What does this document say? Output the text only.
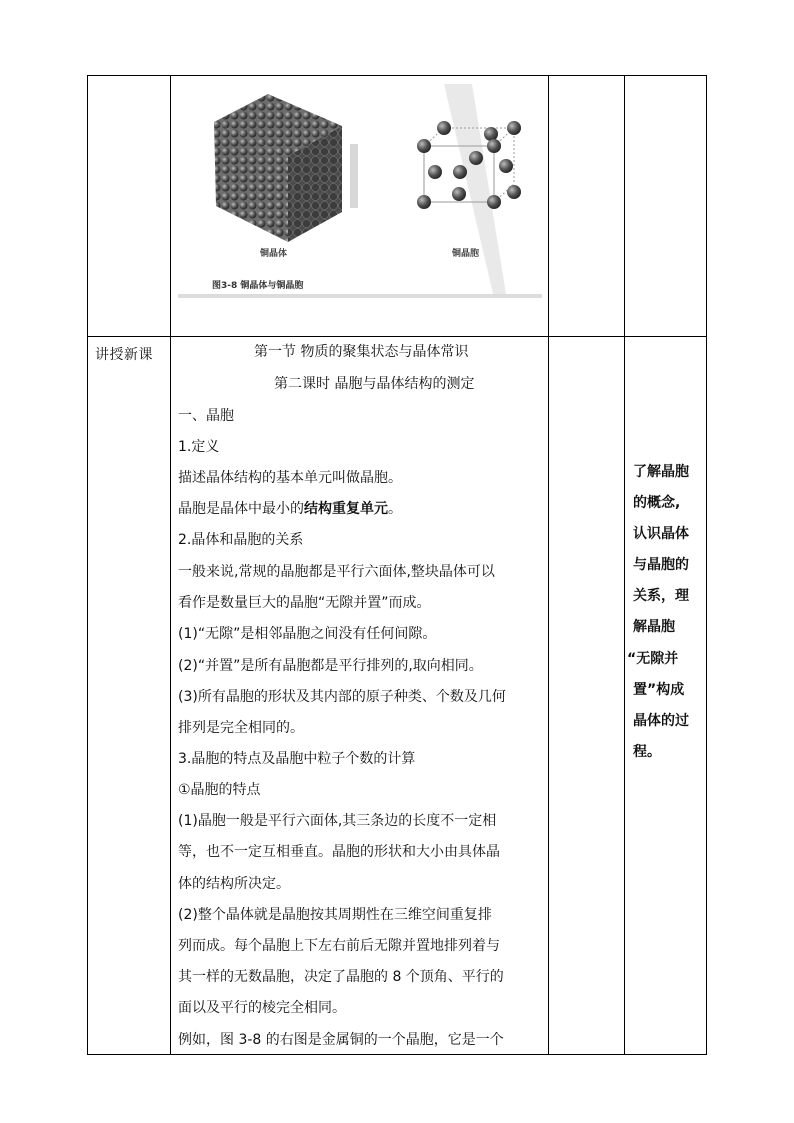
铜晶体	铜晶胞
图3-8 铜晶体与铜晶胞
讲授新课	第一节 物质的聚集状态与晶体常识
第二课时 晶胞与晶体结构的测定
一、晶胞
1.定义
描述晶体结构的基本单元叫做晶胞。
晶胞是晶体中最小的结构重复单元。
2.晶体和晶胞的关系
一般来说,常规的晶胞都是平行六面体,整块晶体可以
看作是数量巨大的晶胞“无隙并置”而成。
(1)“无隙”是相邻晶胞之间没有任何间隙。
(2)“并置”是所有晶胞都是平行排列的,取向相同。
(3)所有晶胞的形状及其内部的原子种类、个数及几何
排列是完全相同的。
3.晶胞的特点及晶胞中粒子个数的计算
①晶胞的特点
(1)晶胞一般是平行六面体,其三条边的长度不一定相
等，也不一定互相垂直。晶胞的形状和大小由具体晶
体的结构所决定。
(2)整个晶体就是晶胞按其周期性在三维空间重复排
列而成。每个晶胞上下左右前后无隙并置地排列着与
其一样的无数晶胞，决定了晶胞的 8 个顶角、平行的
面以及平行的棱完全相同。
例如，图 3-8 的右图是金属铜的一个晶胞，它是一个
了解晶胞
的概念,
认识晶体
与晶胞的
关系，理
解晶胞
“无隙并
置”构成
晶体的过
程。
